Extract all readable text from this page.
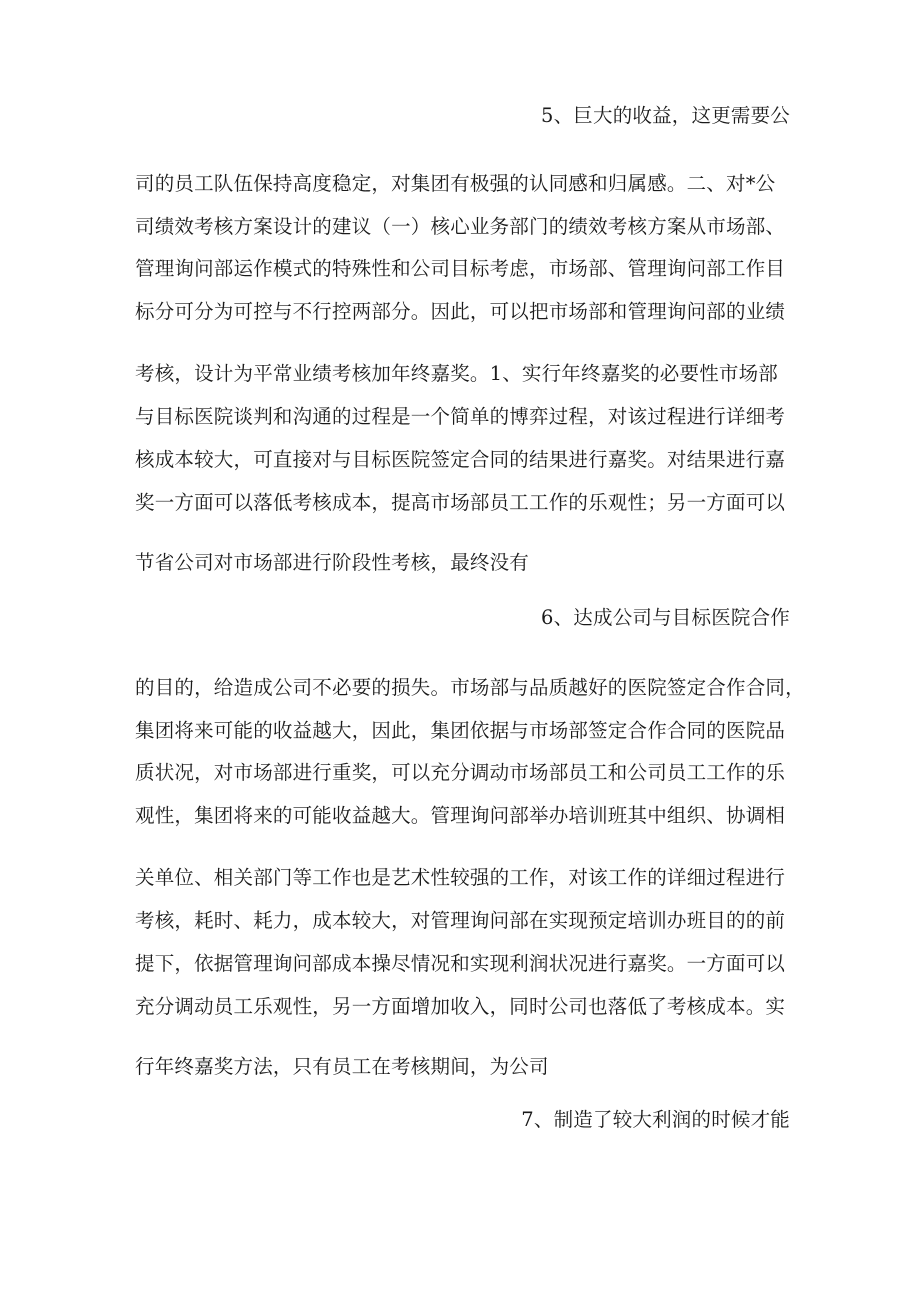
5、巨大的收益，这更需要公
司的员工队伍保持高度稳定，对集团有极强的认同感和归属感。二、对*公
司绩效考核方案设计的建议（一）核心业务部门的绩效考核方案从市场部、
管理询问部运作模式的特殊性和公司目标考虑，市场部、管理询问部工作目
标分可分为可控与不行控两部分。因此，可以把市场部和管理询问部的业绩
考核，设计为平常业绩考核加年终嘉奖。1、实行年终嘉奖的必要性市场部
与目标医院谈判和沟通的过程是一个简单的博弈过程，对该过程进行详细考
核成本较大，可直接对与目标医院签定合同的结果进行嘉奖。对结果进行嘉
奖一方面可以落低考核成本，提高市场部员工工作的乐观性；另一方面可以
节省公司对市场部进行阶段性考核，最终没有
6、达成公司与目标医院合作
的目的，给造成公司不必要的损失。市场部与品质越好的医院签定合作合同，
集团将来可能的收益越大，因此，集团依据与市场部签定合作合同的医院品
质状况，对市场部进行重奖，可以充分调动市场部员工和公司员工工作的乐
观性，集团将来的可能收益越大。管理询问部举办培训班其中组织、协调相
关单位、相关部门等工作也是艺术性较强的工作，对该工作的详细过程进行
考核，耗时、耗力，成本较大，对管理询问部在实现预定培训办班目的的前
提下，依据管理询问部成本操尽情况和实现利润状况进行嘉奖。一方面可以
充分调动员工乐观性，另一方面增加收入，同时公司也落低了考核成本。实
行年终嘉奖方法，只有员工在考核期间，为公司
7、制造了较大利润的时候才能
